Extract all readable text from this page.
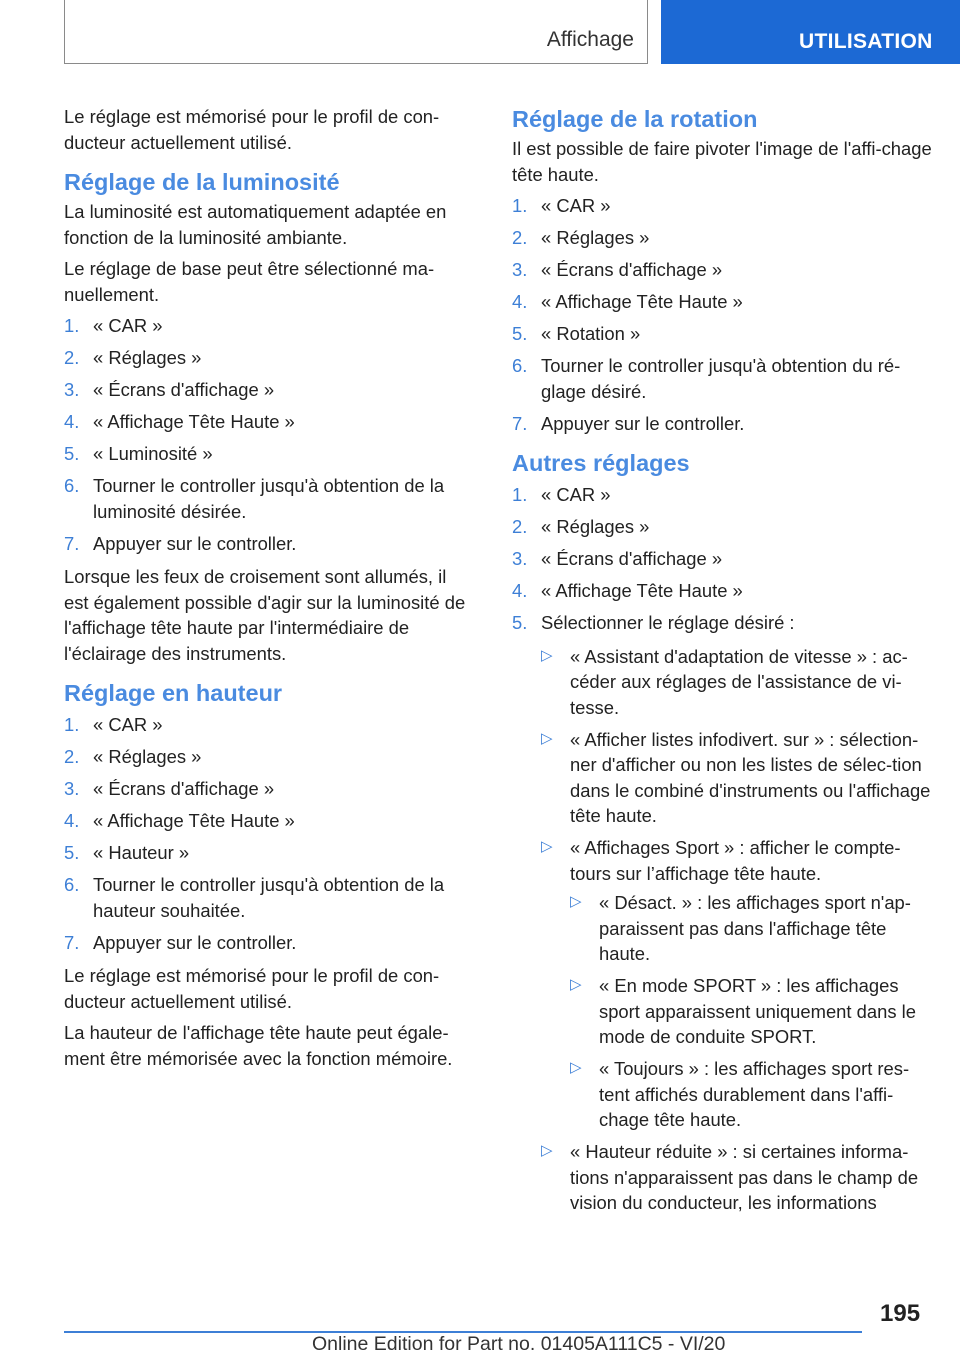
Affichage	UTILISATION

Le réglage est mémorisé pour le profil de con-ducteur actuellement utilisé.

Réglage de la luminosité

La luminosité est automatiquement adaptée en fonction de la luminosité ambiante.

Le réglage de base peut être sélectionné ma-nuellement.

1. « CAR »
2. « Réglages »
3. « Écrans d'affichage »
4. « Affichage Tête Haute »
5. « Luminosité »
6. Tourner le controller jusqu'à obtention de la luminosité désirée.
7. Appuyer sur le controller.

Lorsque les feux de croisement sont allumés, il est également possible d'agir sur la luminosité de l'affichage tête haute par l'intermédiaire de l'éclairage des instruments.

Réglage en hauteur
1. « CAR »
2. « Réglages »
3. « Écrans d'affichage »
4. « Affichage Tête Haute »
5. « Hauteur »
6. Tourner le controller jusqu'à obtention de la hauteur souhaitée.
7. Appuyer sur le controller.

Le réglage est mémorisé pour le profil de con-ducteur actuellement utilisé.

La hauteur de l'affichage tête haute peut égale-ment être mémorisée avec la fonction mémoire.

Réglage de la rotation

Il est possible de faire pivoter l'image de l'affi-chage tête haute.

1. « CAR »
2. « Réglages »
3. « Écrans d'affichage »
4. « Affichage Tête Haute »
5. « Rotation »
6. Tourner le controller jusqu'à obtention du ré-glage désiré.
7. Appuyer sur le controller.
Autres réglages
1. « CAR »
2. « Réglages »
3. « Écrans d'affichage »
4. « Affichage Tête Haute »
5. Sélectionner le réglage désiré :
▷ « Assistant d'adaptation de vitesse » : ac-céder aux réglages de l'assistance de vi-tesse.
▷ « Afficher listes infodivert. sur » : sélection-ner d'afficher ou non les listes de sélec-tion dans le combiné d'instruments ou l'affichage tête haute.
▷ « Affichages Sport » : afficher le compte-tours sur l’affichage tête haute.
▷ « Désact. » : les affichages sport n'ap-paraissent pas dans l'affichage tête haute.
▷ « En mode SPORT » : les affichages sport apparaissent uniquement dans le mode de conduite SPORT.
▷ « Toujours » : les affichages sport res-tent affichés durablement dans l'affi-chage tête haute.
▷ « Hauteur réduite » : si certaines informa-tions n'apparaissent pas dans le champ de vision du conducteur, les informations
195
Online Edition for Part no. 01405A111C5 - VI/20
